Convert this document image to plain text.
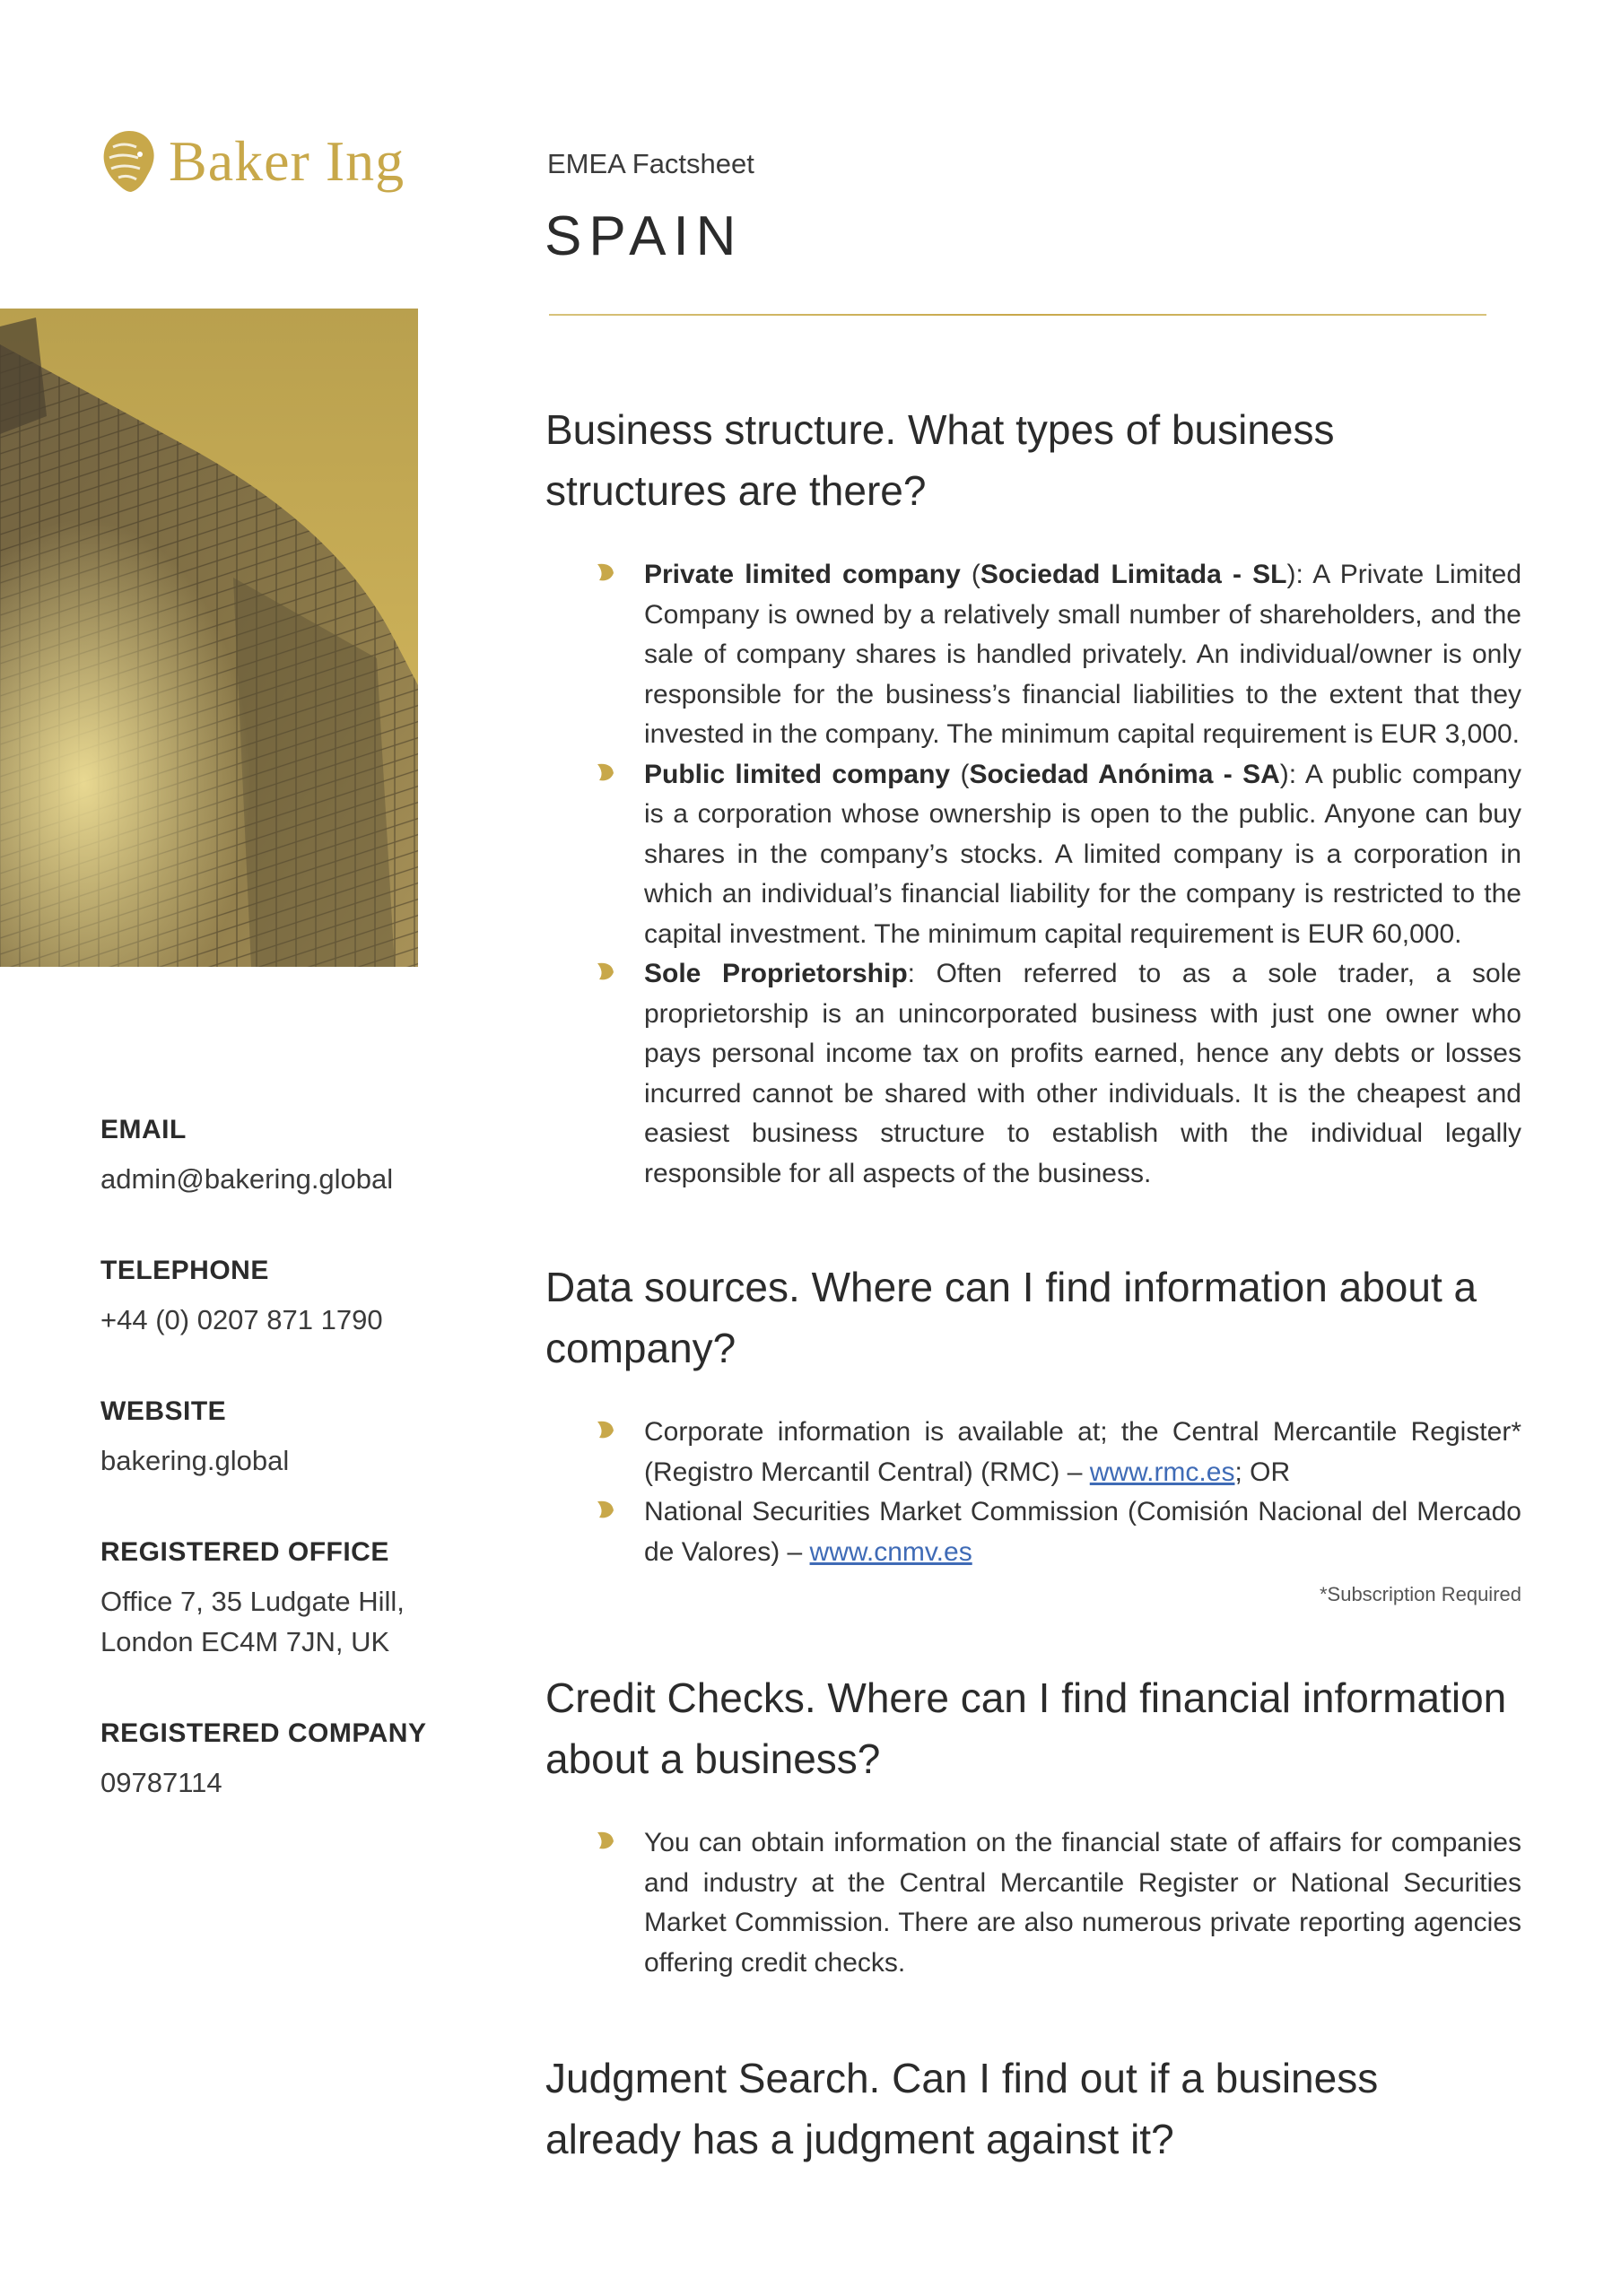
Baker Ing	EMEA Factsheet
SPAIN
EMAIL
admin@bakering.global
TELEPHONE
+44 (0) 0207 871 1790
WEBSITE
bakering.global
REGISTERED OFFICE
Office 7, 35 Ludgate Hill,
London EC4M 7JN, UK
REGISTERED COMPANY
09787114
Business structure. What types of business structures are there?
Private limited company (Sociedad Limitada - SL): A Private Limited Company is owned by a relatively small number of shareholders, and the sale of company shares is handled privately. An individual/owner is only responsible for the business’s financial liabilities to the extent that they invested in the company. The minimum capital requirement is EUR 3,000.
Public limited company (Sociedad Anónima - SA): A public company is a corporation whose ownership is open to the public. Anyone can buy shares in the company’s stocks. A limited company is a corporation in which an individual’s financial liability for the company is restricted to the capital investment. The minimum capital requirement is EUR 60,000.
Sole Proprietorship: Often referred to as a sole trader, a sole proprietorship is an unincorporated business with just one owner who pays personal income tax on profits earned, hence any debts or losses incurred cannot be shared with other individuals. It is the cheapest and easiest business structure to establish with the individual legally responsible for all aspects of the business.
Data sources. Where can I find information about a company?
Corporate information is available at; the Central Mercantile Register* (Registro Mercantil Central) (RMC) – www.rmc.es; OR
National Securities Market Commission (Comisión Nacional del Mercado de Valores) – www.cnmv.es
*Subscription Required
Credit Checks. Where can I find financial information about a business?
You can obtain information on the financial state of affairs for companies and industry at the Central Mercantile Register or National Securities Market Commission. There are also numerous private reporting agencies offering credit checks.
Judgment Search. Can I find out if a business already has a judgment against it?
